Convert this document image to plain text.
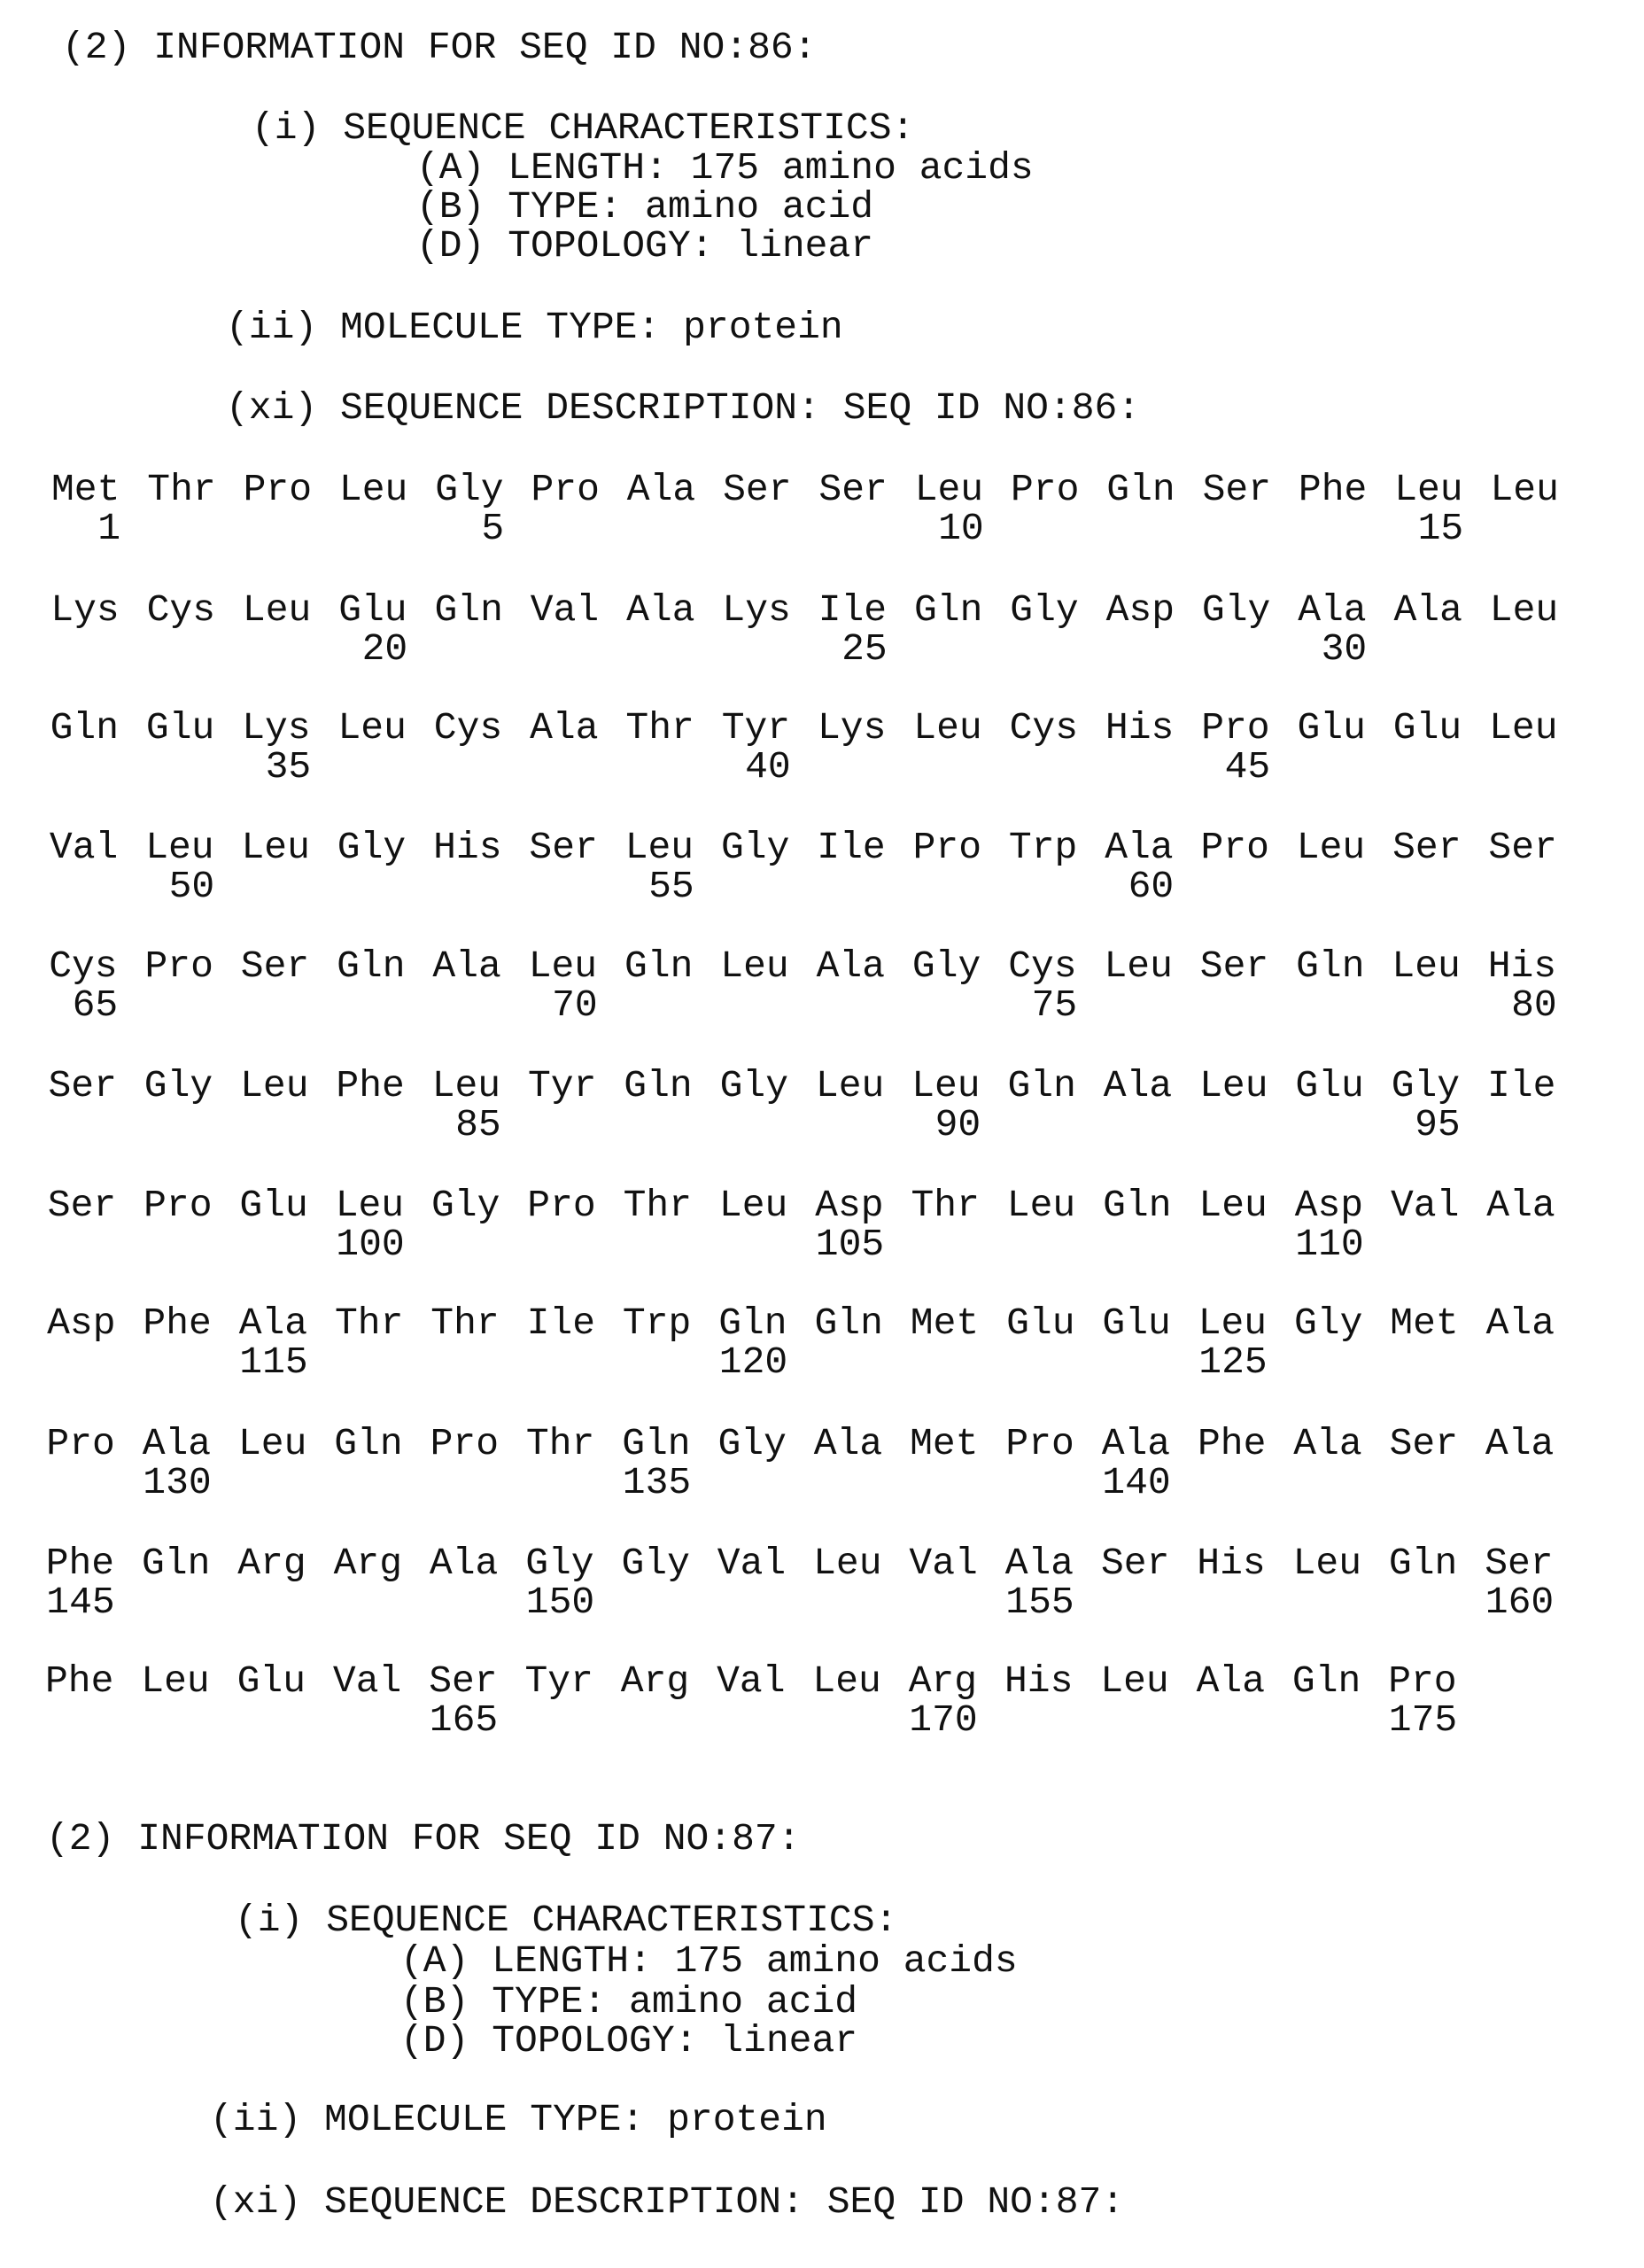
(2) INFORMATION FOR SEQ ID NO:86:
(i) SEQUENCE CHARACTERISTICS:
(A) LENGTH: 175 amino acids
(B) TYPE: amino acid
(D) TOPOLOGY: linear
(ii) MOLECULE TYPE: protein
(xi) SEQUENCE DESCRIPTION: SEQ ID NO:86:
Met Thr Pro Leu Gly Pro Ala Ser Ser Leu Pro Gln Ser Phe Leu Leu
1	5	10	15
Lys Cys Leu Glu Gln Val Ala Lys Ile Gln Gly Asp Gly Ala Ala Leu
20	25	30
Gln Glu Lys Leu Cys Ala Thr Tyr Lys Leu Cys His Pro Glu Glu Leu
35	40	45
Val Leu Leu Gly His Ser Leu Gly Ile Pro Trp Ala Pro Leu Ser Ser
50	55	60
Cys Pro Ser Gln Ala Leu Gln Leu Ala Gly Cys Leu Ser Gln Leu His
65	70	75	80
Ser Gly Leu Phe Leu Tyr Gln Gly Leu Leu Gln Ala Leu Glu Gly Ile
85	90	95
Ser Pro Glu Leu Gly Pro Thr Leu Asp Thr Leu Gln Leu Asp Val Ala
100	105	110
Asp Phe Ala Thr Thr Ile Trp Gln Gln Met Glu Glu Leu Gly Met Ala
115	120	125
Pro Ala Leu Gln Pro Thr Gln Gly Ala Met Pro Ala Phe Ala Ser Ala
130	135	140
Phe Gln Arg Arg Ala Gly Gly Val Leu Val Ala Ser His Leu Gln Ser
145	150	155	160
Phe Leu Glu Val Ser Tyr Arg Val Leu Arg His Leu Ala Gln Pro
165	170	175
(2) INFORMATION FOR SEQ ID NO:87:
(i) SEQUENCE CHARACTERISTICS:
(A) LENGTH: 175 amino acids
(B) TYPE: amino acid
(D) TOPOLOGY: linear
(ii) MOLECULE TYPE: protein
(xi) SEQUENCE DESCRIPTION: SEQ ID NO:87:
